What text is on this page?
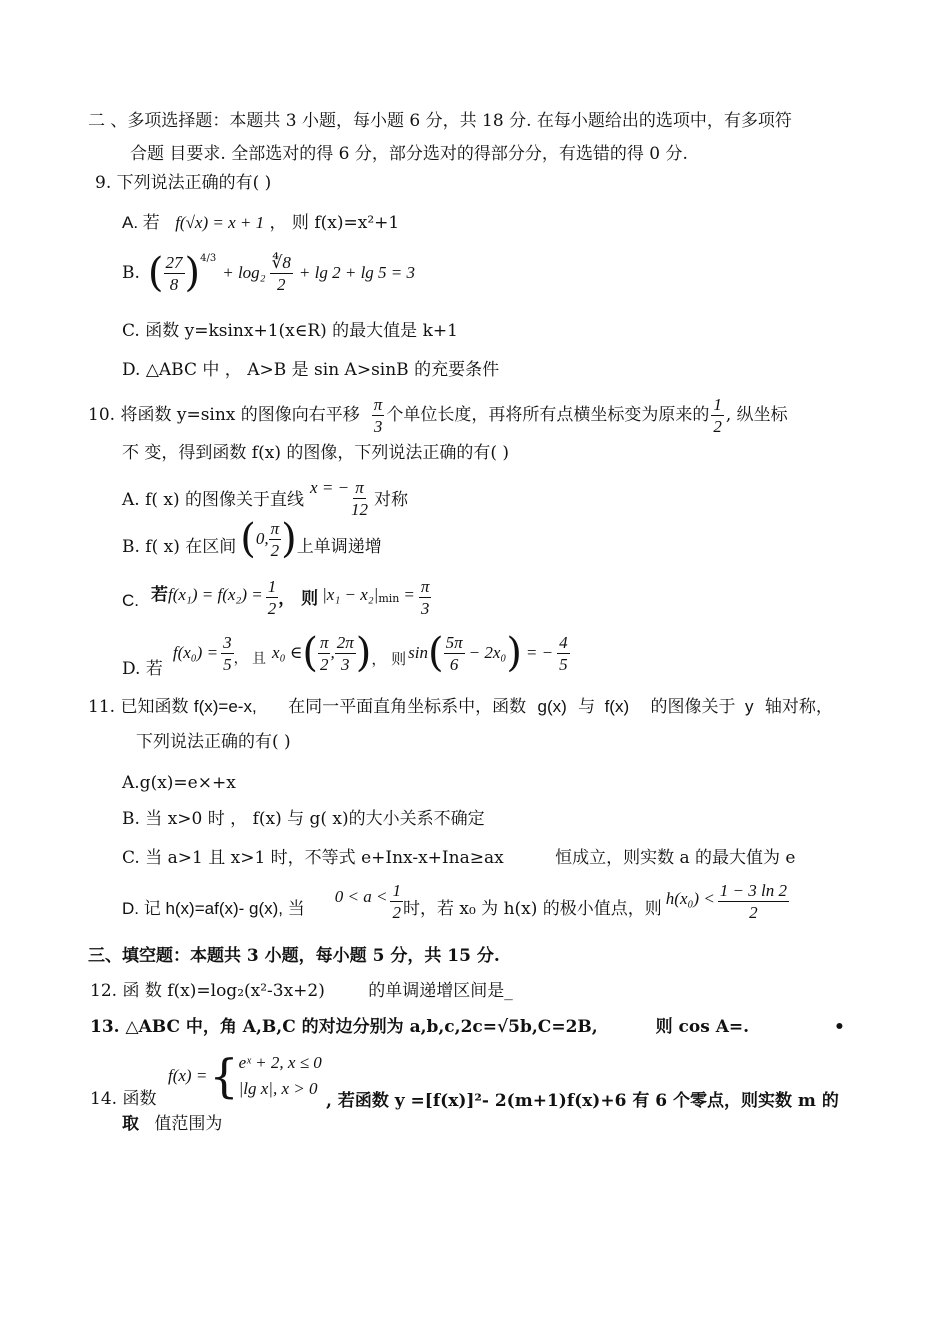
二 、多项选择题：本题共 3 小题，每小题 6 分，共 18 分. 在每小题给出的选项中，有多项符
合题 目要求. 全部选对的得 6 分，部分选对的得部分分，有选错的得 0 分.
9. 下列说法正确的有( )
A. 若 f(√x) = x + 1 ， 则 f(x)=x²+1
B. ( $\frac{27}{8} )^{4/3}$
+ $\log_2 \frac{∜8}{2} + \lg 2 + \lg 5 = 3$
C. 函数 y=ksinx+1(x∈R) 的最大值是 k+1
D. △ABC 中 ， A>B 是 sin A>sinB 的充要条件
10. 将函数 y=sinx 的图像向右平移 $\frac{\pi}{3}$ 个单位长度，再将所有点横坐标变为原来的 $\frac{1}{2}$ , 纵坐标
不 变，得到函数 f(x) 的图像，下列说法正确的有( )
A. f( x) 的图像关于直线
x = − $\frac{\pi}{12}$ 对称
B. f( x) 在区间 ( 0, $\frac{\pi}{2}$ ) 上单调递增
C. 若 $f(x_1) = f(x_2) = \frac{1}{2}$ ， 则 $|x_1 - x_2|_{min} = \frac{\pi}{3}$
D. 若
$f(x_0) = \frac{3}{5}$ ， 且 x₀ ∈ ( $\frac{\pi}{2}$ , $\frac{2\pi}{3}$ ) ， 则 sin ( $\frac{5\pi}{6} - 2x_0$ ) = − $\frac{4}{5}$
11. 已知函数 f(x)=e-x, 在同一平面直角坐标系中，函数 g(x) 与 f(x) 的图像关于 y 轴对称，
下列说法正确的有( )
A.g(x)=e×+x
B. 当 x>0 时 ， f(x) 与 g( x)的大小关系不确定
C. 当 a>1 且 x>1 时，不等式 e+Inx-x+Ina≥ax	恒成立，则实数 a 的最大值为 e
D. 记 h(x)=af(x)- g(x), 当
$0 < a < \frac{1}{2}$ 时，若 x₀ 为 h(x) 的极小值点，则
$h(x_0) < \frac{1 - 3 \ln 2}{2}$
三、填空题：本题共 3 小题，每小题 5 分，共 15 分.
12. 函 数 f(x)=log₂(x²-3x+2)	的单调递增区间是_
13. △ABC 中，角 A,B,C 的对边分别为 a,b,c,2c=√5b,C=2B,	则 cos A=.	•
f(x) = { eˣ + 2, x ≤ 0
|lg x|, x > 0
14. 函数	, 若函数 y =[f(x)]²- 2(m+1)f(x)+6 有 6 个零点，则实数 m 的
取 值范围为
